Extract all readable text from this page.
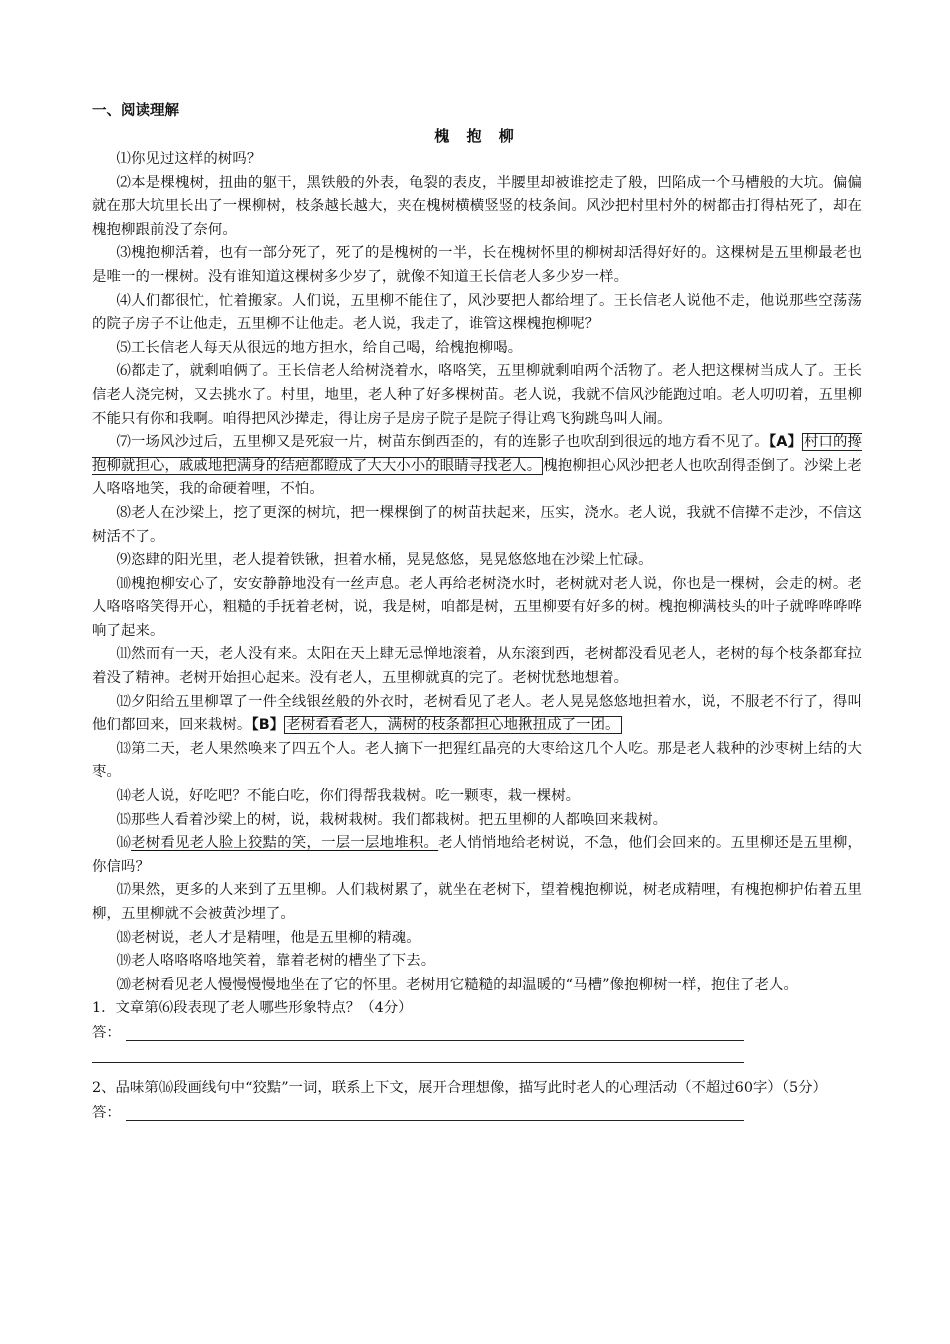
一、阅读理解
槐 抱 柳

⑴你见过这样的树吗？

⑵本是棵槐树，扭曲的躯干，黑铁般的外表，龟裂的表皮，半腰里却被谁挖走了般，凹陷成一个马槽般的大坑。偏偏就在那大坑里长出了一棵柳树，枝条越长越大，夹在槐树横横竖竖的枝条间。风沙把村里村外的树都击打得枯死了，却在槐抱柳跟前没了奈何。

⑶槐抱柳活着，也有一部分死了，死了的是槐树的一半，长在槐树怀里的柳树却活得好好的。这棵树是五里柳最老也是唯一的一棵树。没有谁知道这棵树多少岁了，就像不知道王长信老人多少岁一样。

⑷人们都很忙，忙着搬家。人们说，五里柳不能住了，风沙要把人都给埋了。王长信老人说他不走，他说那些空荡荡的院子房子不让他走，五里柳不让他走。老人说，我走了，谁管这棵槐抱柳呢？

⑸工长信老人每天从很远的地方担水，给自己喝，给槐抱柳喝。

⑹都走了，就剩咱俩了。王长信老人给树浇着水，咯咯笑，五里柳就剩咱两个活物了。老人把这棵树当成人了。王长信老人浇完树，又去挑水了。村里，地里，老人种了好多棵树苗。老人说，我就不信风沙能跑过咱。老人叨叨着，五里柳不能只有你和我啊。咱得把风沙撵走，得让房子是房子院子是院子得让鸡飞狗跳鸟叫人闹。

⑺一场风沙过后，五里柳又是死寂一片，树苗东倒西歪的，有的连影子也吹刮到很远的地方看不见了。【A】 村口的搀抱柳就担心，戚戚地把满身的结疤都瞪成了大大小小的眼睛寻找老人。 槐抱柳担心风沙把老人也吹刮得歪倒了。沙梁上老人咯咯地笑，我的命硬着哩，不怕。

⑻老人在沙梁上，挖了更深的树坑，把一棵棵倒了的树苗扶起来，压实，浇水。老人说，我就不信撵不走沙，不信这树活不了。

⑼恣肆的阳光里，老人提着铁锹，担着水桶，晃晃悠悠，晃晃悠悠地在沙梁上忙碌。

⑽槐抱柳安心了，安安静静地没有一丝声息。老人再给老树浇水时，老树就对老人说，你也是一棵树，会走的树。老人咯咯咯笑得开心，粗糙的手抚着老树，说，我是树，咱都是树，五里柳要有好多的树。槐抱柳满枝头的叶子就哗哗哗哗响了起来。

⑾然而有一天，老人没有来。太阳在天上肆无忌惮地滚着，从东滚到西，老树都没看见老人，老树的每个枝条都耷拉着没了精神。老树开始担心起来。没有老人，五里柳就真的完了。老树忧愁地想着。

⑿夕阳给五里柳罩了一件全线银丝般的外衣时，老树看见了老人。老人晃晃悠悠地担着水，说，不服老不行了，得叫他们都回来，回来栽树。【B】 老树看看老人，满树的枝条都担心地揪扭成了一团。

⒀第二天，老人果然唤来了四五个人。老人摘下一把猩红晶亮的大枣给这几个人吃。那是老人栽种的沙枣树上结的大枣。

⒁老人说，好吃吧？不能白吃，你们得帮我栽树。吃一颗枣，栽一棵树。

⒂那些人看着沙梁上的树，说，栽树栽树。我们都栽树。把五里柳的人都唤回来栽树。

⒃老树看见老人脸上狡黠的笑，一层一层地堆积。老人悄悄地给老树说，不急，他们会回来的。五里柳还是五里柳，你信吗？

⒄果然，更多的人来到了五里柳。人们栽树累了，就坐在老树下，望着槐抱柳说，树老成精哩，有槐抱柳护佑着五里柳，五里柳就不会被黄沙埋了。

⒅老树说，老人才是精哩，他是五里柳的精魂。

⒆老人咯咯咯咯地笑着，靠着老树的槽坐了下去。

⒇老树看见老人慢慢慢慢地坐在了它的怀里。老树用它糙糙的却温暖的“马槽”像抱柳树一样，抱住了老人。

1．文章第⑹段表现了老人哪些形象特点？（4分）

答：

2、品味第⒃段画线句中“狡黠”一词，联系上下文，展开合理想像，描写此时老人的心理活动（不超过60字）（5分）

答：
